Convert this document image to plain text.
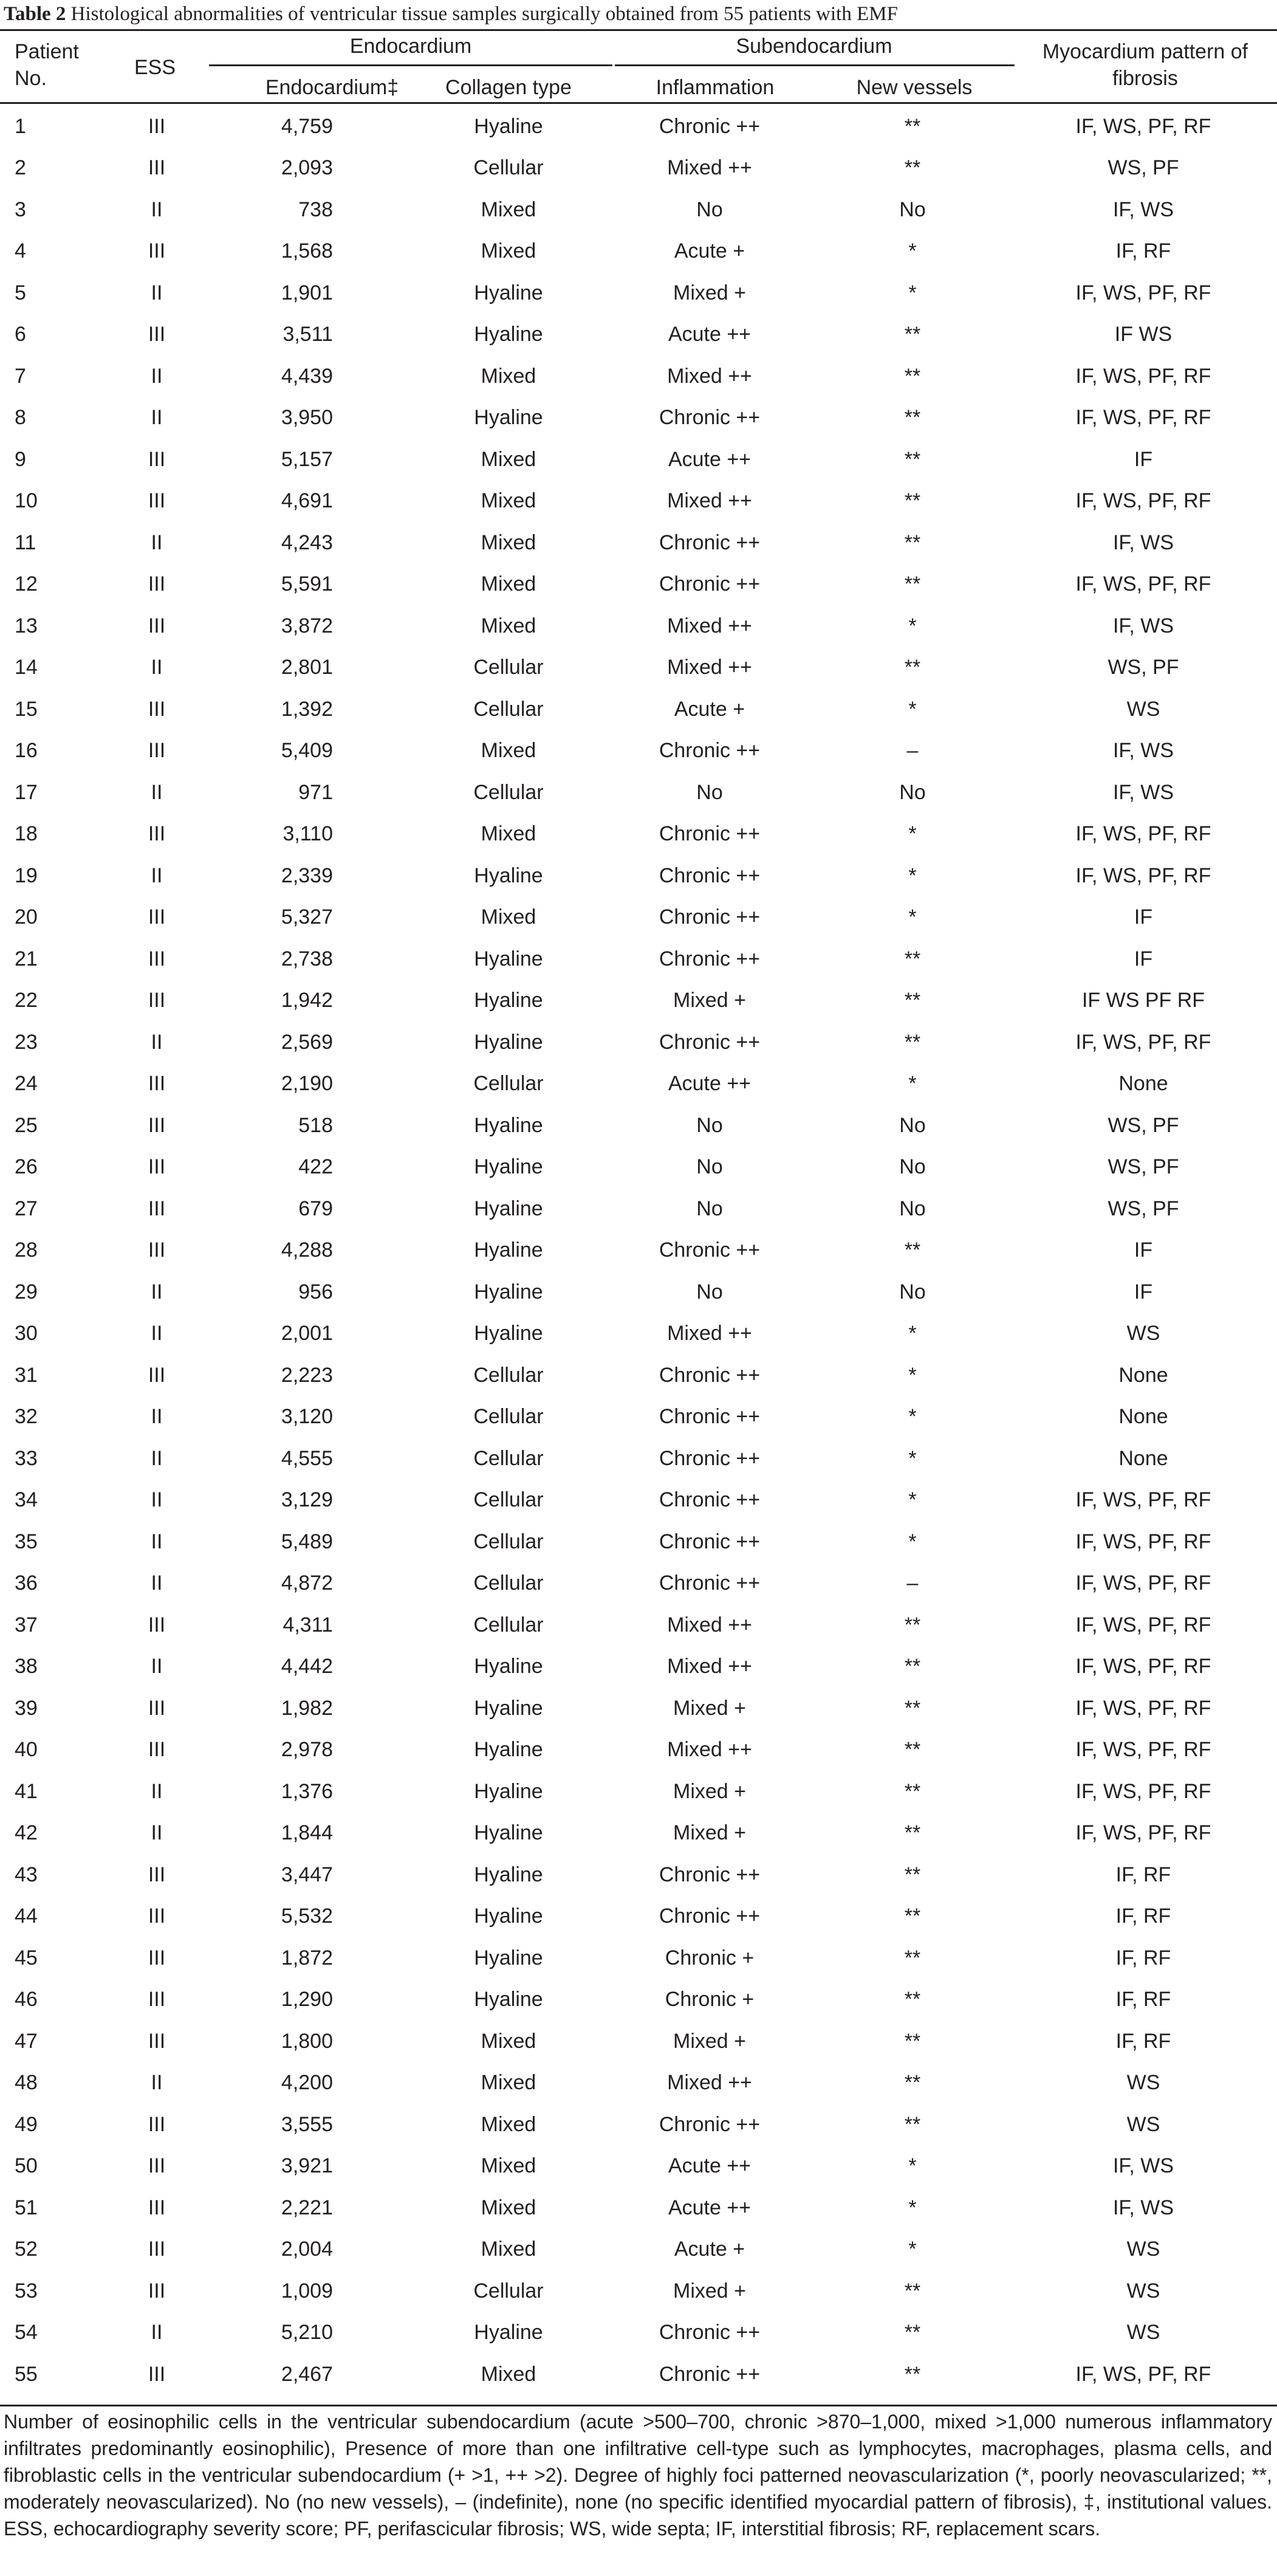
Table 2 Histological abnormalities of ventricular tissue samples surgically obtained from 55 patients with EMF
Patient No.	ESS
Endocardium
Endocardium‡	Collagen type
Subendocardium
Inflammation	New vessels
Myocardium pattern of fibrosis
1	III	4,759	Hyaline	Chronic ++	**	IF, WS, PF, RF
2	III	2,093	Cellular	Mixed ++	**	WS, PF
3	II	738	Mixed	No	No	IF, WS
4	III	1,568	Mixed	Acute +	*	IF, RF
5	II	1,901	Hyaline	Mixed +	*	IF, WS, PF, RF
6	III	3,511	Hyaline	Acute ++	**	IF WS
7	II	4,439	Mixed	Mixed ++	**	IF, WS, PF, RF
8	II	3,950	Hyaline	Chronic ++	**	IF, WS, PF, RF
9	III	5,157	Mixed	Acute ++	**	IF
10	III	4,691	Mixed	Mixed ++	**	IF, WS, PF, RF
11	II	4,243	Mixed	Chronic ++	**	IF, WS
12	III	5,591	Mixed	Chronic ++	**	IF, WS, PF, RF
13	III	3,872	Mixed	Mixed ++	*	IF, WS
14	II	2,801	Cellular	Mixed ++	**	WS, PF
15	III	1,392	Cellular	Acute +	*	WS
16	III	5,409	Mixed	Chronic ++	–	IF, WS
17	II	971	Cellular	No	No	IF, WS
18	III	3,110	Mixed	Chronic ++	*	IF, WS, PF, RF
19	II	2,339	Hyaline	Chronic ++	*	IF, WS, PF, RF
20	III	5,327	Mixed	Chronic ++	*	IF
21	III	2,738	Hyaline	Chronic ++	**	IF
22	III	1,942	Hyaline	Mixed +	**	IF WS PF RF
23	II	2,569	Hyaline	Chronic ++	**	IF, WS, PF, RF
24	III	2,190	Cellular	Acute ++	*	None
25	III	518	Hyaline	No	No	WS, PF
26	III	422	Hyaline	No	No	WS, PF
27	III	679	Hyaline	No	No	WS, PF
28	III	4,288	Hyaline	Chronic ++	**	IF
29	II	956	Hyaline	No	No	IF
30	II	2,001	Hyaline	Mixed ++	*	WS
31	III	2,223	Cellular	Chronic ++	*	None
32	II	3,120	Cellular	Chronic ++	*	None
33	II	4,555	Cellular	Chronic ++	*	None
34	II	3,129	Cellular	Chronic ++	*	IF, WS, PF, RF
35	II	5,489	Cellular	Chronic ++	*	IF, WS, PF, RF
36	II	4,872	Cellular	Chronic ++	–	IF, WS, PF, RF
37	III	4,311	Cellular	Mixed ++	**	IF, WS, PF, RF
38	II	4,442	Hyaline	Mixed ++	**	IF, WS, PF, RF
39	III	1,982	Hyaline	Mixed +	**	IF, WS, PF, RF
40	III	2,978	Hyaline	Mixed ++	**	IF, WS, PF, RF
41	II	1,376	Hyaline	Mixed +	**	IF, WS, PF, RF
42	II	1,844	Hyaline	Mixed +	**	IF, WS, PF, RF
43	III	3,447	Hyaline	Chronic ++	**	IF, RF
44	III	5,532	Hyaline	Chronic ++	**	IF, RF
45	III	1,872	Hyaline	Chronic +	**	IF, RF
46	III	1,290	Hyaline	Chronic +	**	IF, RF
47	III	1,800	Mixed	Mixed +	**	IF, RF
48	II	4,200	Mixed	Mixed ++	**	WS
49	III	3,555	Mixed	Chronic ++	**	WS
50	III	3,921	Mixed	Acute ++	*	IF, WS
51	III	2,221	Mixed	Acute ++	*	IF, WS
52	III	2,004	Mixed	Acute +	*	WS
53	III	1,009	Cellular	Mixed +	**	WS
54	II	5,210	Hyaline	Chronic ++	**	WS
55	III	2,467	Mixed	Chronic ++	**	IF, WS, PF, RF
Number of eosinophilic cells in the ventricular subendocardium (acute >500–700, chronic >870–1,000, mixed >1,000 numerous inflammatory infiltrates predominantly eosinophilic), Presence of more than one infiltrative cell-type such as lymphocytes, macrophages, plasma cells, and fibroblastic cells in the ventricular subendocardium (+ >1, ++ >2). Degree of highly foci patterned neovascularization (*, poorly neovascularized; **, moderately neovascularized). No (no new vessels), – (indefinite), none (no specific identified myocardial pattern of fibrosis), ‡, institutional values. ESS, echocardiography severity score; PF, perifascicular fibrosis; WS, wide septa; IF, interstitial fibrosis; RF, replacement scars.
